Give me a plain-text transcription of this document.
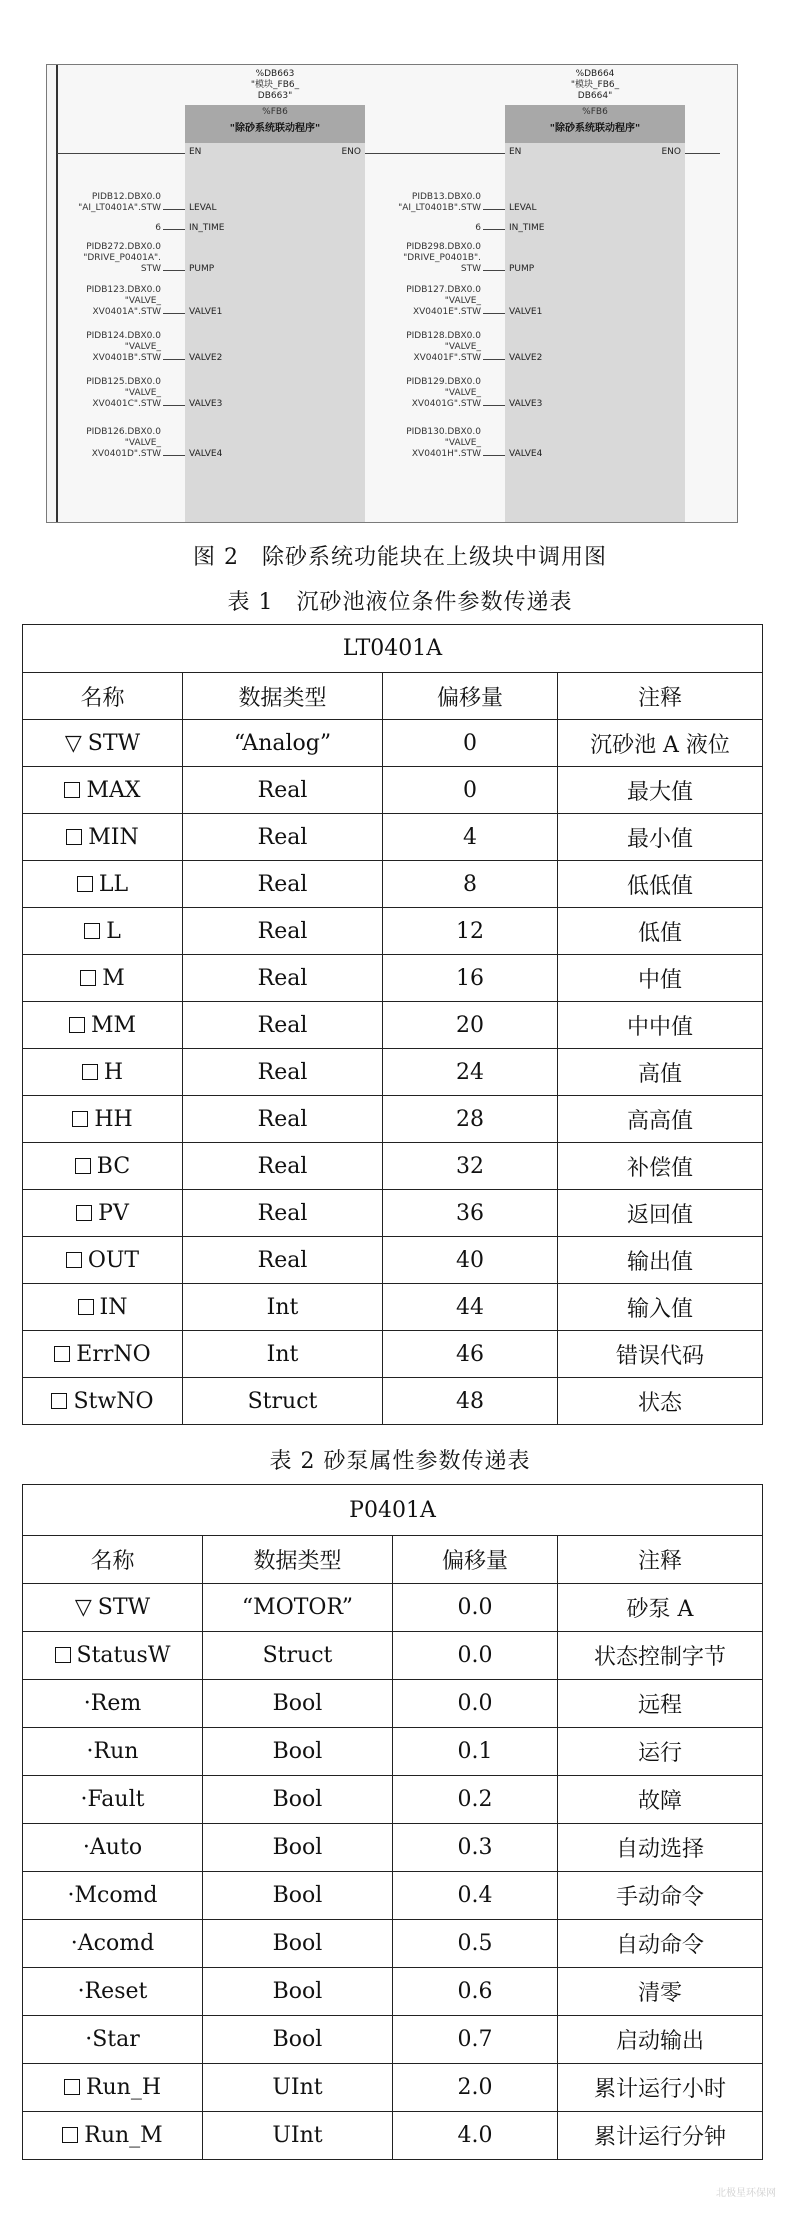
%DB663
"模块_FB6_
DB663"
%FB6
"除砂系统联动程序"
EN	ENO
LEVAL
IN_TIME
PUMP
VALVE1
VALVE2
VALVE3
VALVE4
PIDB12.DBX0.0
"AI_LT0401A".STW
6
PIDB272.DBX0.0
"DRIVE_P0401A".
STW
PIDB123.DBX0.0
"VALVE_
XV0401A".STW
PIDB124.DBX0.0
"VALVE_
XV0401B".STW
PIDB125.DBX0.0
"VALVE_
XV0401C".STW
PIDB126.DBX0.0
"VALVE_
XV0401D".STW
%DB664
"模块_FB6_
DB664"
%FB6
"除砂系统联动程序"
EN	ENO
LEVAL
IN_TIME
PUMP
VALVE1
VALVE2
VALVE3
VALVE4
PIDB13.DBX0.0
"AI_LT0401B".STW
6
PIDB298.DBX0.0
"DRIVE_P0401B".
STW
PIDB127.DBX0.0
"VALVE_
XV0401E".STW
PIDB128.DBX0.0
"VALVE_
XV0401F".STW
PIDB129.DBX0.0
"VALVE_
XV0401G".STW
PIDB130.DBX0.0
"VALVE_
XV0401H".STW
图 2　除砂系统功能块在上级块中调用图
表 1　沉砂池液位条件参数传递表
LT0401A			
名称	数据类型	偏移量	注释
▽ STW	“Analog”	0	沉砂池 A 液位
MAX	Real	0	最大值
MIN	Real	4	最小值
LL	Real	8	低低值
L	Real	12	低值
M	Real	16	中值
MM	Real	20	中中值
H	Real	24	高值
HH	Real	28	高高值
BC	Real	32	补偿值
PV	Real	36	返回值
OUT	Real	40	输出值
IN	Int	44	输入值
ErrNO	Int	46	错误代码
StwNO	Struct	48	状态
表 2 砂泵属性参数传递表
P0401A			
名称	数据类型	偏移量	注释
▽ STW	“MOTOR”	0.0	砂泵 A
StatusW	Struct	0.0	状态控制字节
·Rem	Bool	0.0	远程
·Run	Bool	0.1	运行
·Fault	Bool	0.2	故障
·Auto	Bool	0.3	自动选择
·Mcomd	Bool	0.4	手动命令
·Acomd	Bool	0.5	自动命令
·Reset	Bool	0.6	清零
·Star	Bool	0.7	启动输出
Run_H	UInt	2.0	累计运行小时
Run_M	UInt	4.0	累计运行分钟
北极星环保网
